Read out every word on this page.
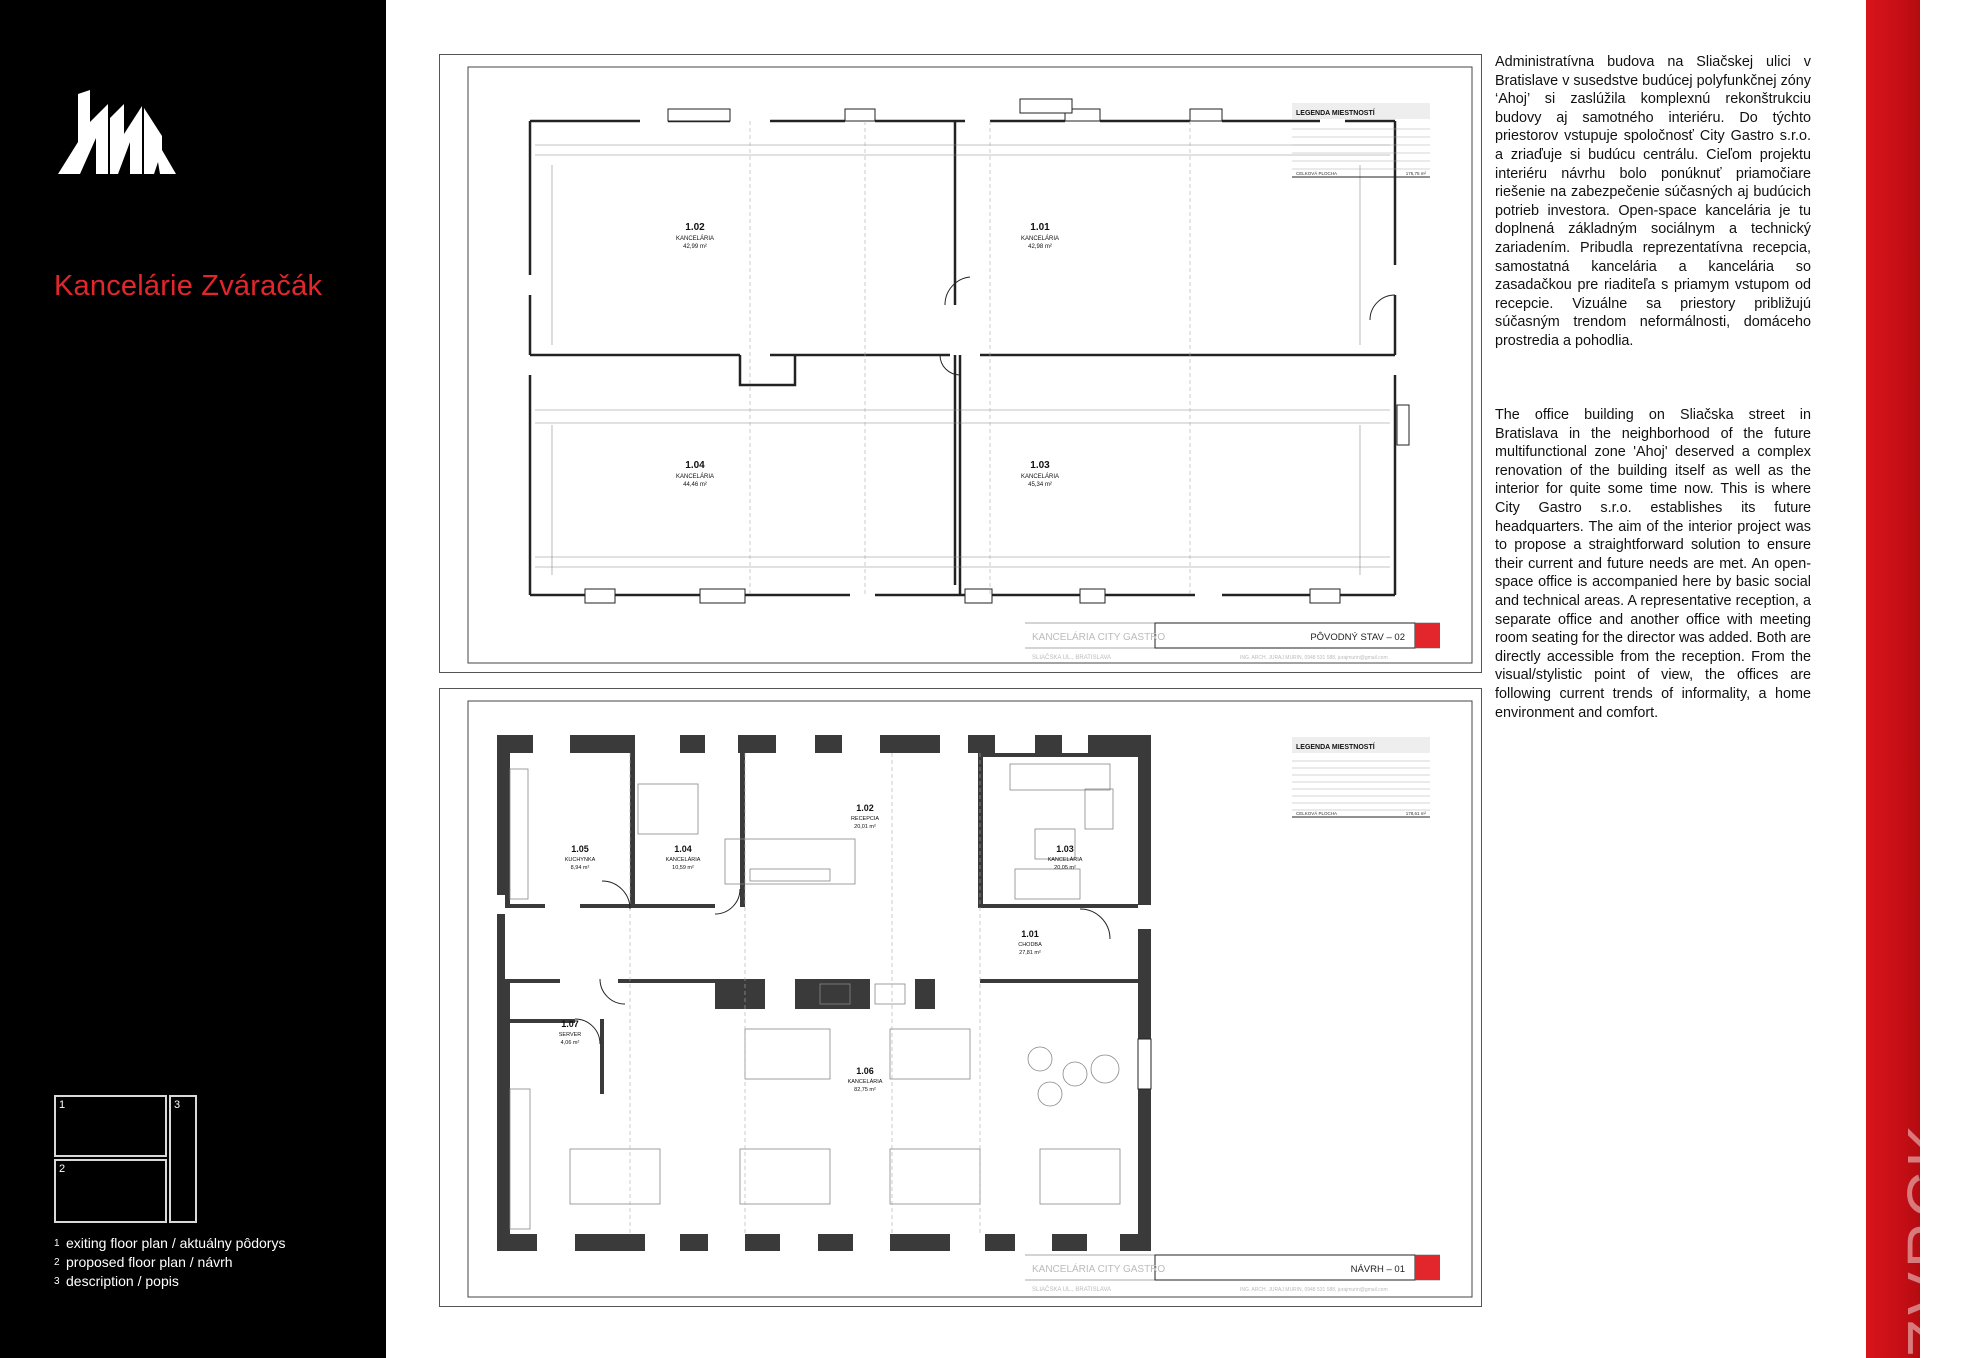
Kancelárie Zváračák
1
2
3
1 exiting floor plan / aktuálny pôdorys
2 proposed floor plan / návrh
3 description / popis	ZVRCK
Administratívna budova na Sliačskej ulici v Bratislave v susedstve budúcej polyfunkčnej zóny ‘Ahoj’ si zaslúžila komplexnú rekonštrukciu budovy aj samotného interiéru. Do týchto priestorov vstupuje spoločnosť City Gastro s.r.o. a zriaďuje si budúcu centrálu. Cieľom projektu interiéru návrhu bolo ponúknuť priamočiare riešenie na zabezpečenie súčasných aj budúcich potrieb investora. Open-space kancelária je tu doplnená základným sociálnym a technický zariadením. Pribudla reprezentatívna recepcia, samostatná kancelária a kancelária so zasadačkou pre riaditeľa s priamym vstupom od recepcie. Vizuálne sa priestory približujú súčasným trendom neformálnosti, domáceho prostredia a pohodlia.
The office building on Sliačska street in Bratislava in the neighborhood of the future multifunctional zone 'Ahoj' deserved a complex renovation of the building itself as well as the interior for quite some time now. This is where City Gastro s.r.o. establishes its future headquarters. The aim of the interior project was to propose a straightforward solution to ensure their current and future needs are met. An open-space office is accompanied here by basic social and technical areas. A representative reception, a separate office and another office with meeting room seating for the director was added. Both are directly accessible from the reception. From the visual/stylistic point of view, the offices are following current trends of informality, a home environment and comfort.
1.02
KANCELÁRIA
42,99 m²
1.01
KANCELÁRIA
42,98 m²
1.04
KANCELÁRIA
44,46 m²
1.03
KANCELÁRIA
45,34 m²
LEGENDA MIESTNOSTÍ
CELKOVÁ PLOCHA	175,75 m²
KANCELÁRIA CITY GASTRO
SLIAČSKA UL., BRATISLAVA	ING. ARCH. JURAJ MURIN, 0948 531 588, jurajmurin@gmail.com
PÔVODNÝ STAV – 02
1.05
KUCHYNKA
8,94 m²
1.04
KANCELÁRIA
10,59 m²
1.02
RECEPCIA
20,01 m²
1.03
KANCELÁRIA
20,05 m²
1.01
CHODBA
27,81 m²
1.07
SERVER
4,06 m²
1.06
KANCELÁRIA
82,75 m²
LEGENDA MIESTNOSTÍ
CELKOVÁ PLOCHA	178,61 m²
KANCELÁRIA CITY GASTRO
SLIAČSKA UL., BRATISLAVA	ING. ARCH. JURAJ MURIN, 0948 531 588, jurajmurin@gmail.com
NÁVRH – 01
